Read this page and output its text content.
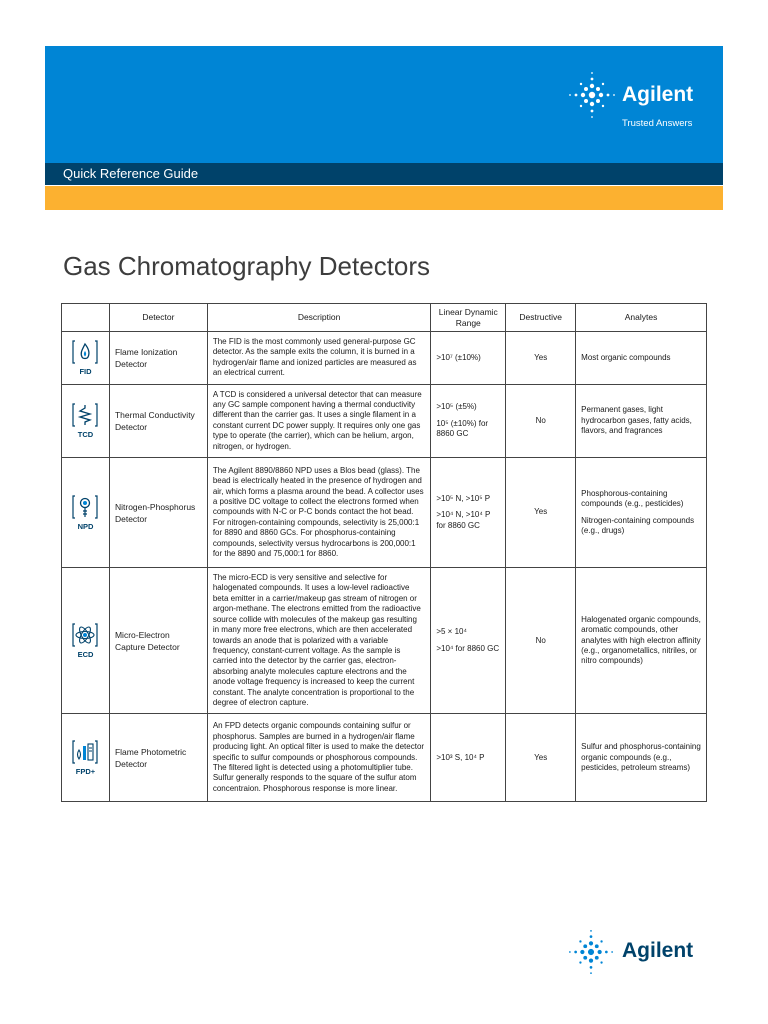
Quick Reference Guide
Agilent
Trusted Answers
Gas Chromatography Detectors
	Detector	Description	Linear Dynamic Range	Destructive	Analytes

FID	Flame Ionization Detector	The FID is the most commonly used general-purpose GC detector. As the sample exits the column, it is burned in a hydrogen/air flame and ionized particles are measured as an electrical current.	>10⁷ (±10%)	Yes	Most organic compounds

TCD	Thermal Conductivity Detector	A TCD is considered a universal detector that can measure any GC sample component having a thermal conductivity different than the carrier gas. It uses a single filament in a constant current DC power supply. It requires only one gas type to operate (the carrier), which can be helium, argon, nitrogen, or hydrogen.	>10⁵ (±5%)
10⁵ (±10%) for 8860 GC	No	Permanent gases, light hydrocarbon gases, fatty acids, flavors, and fragrances

NPD	Nitrogen-Phosphorus Detector	The Agilent 8890/8860 NPD uses a Blos bead (glass). The bead is electrically heated in the presence of hydrogen and air, which forms a plasma around the bead. A collector uses a positive DC voltage to collect the electrons formed when compounds with N-C or P-C bonds contact the hot bead. For nitrogen-containing compounds, selectivity is 25,000:1 for 8890 and 8860 GCs. For phosphorus-containing compounds, selectivity versus hydrocarbons is 200,000:1 for the 8890 and 75,000:1 for 8860.	>10⁵ N, >10⁵ P
>10⁴ N, >10⁴ P for 8860 GC	Yes	Phosphorous-containing compounds (e.g., pesticides)
Nitrogen-containing compounds (e.g., drugs)

ECD	Micro-Electron Capture Detector	The micro-ECD is very sensitive and selective for halogenated compounds. It uses a low-level radioactive beta emitter in a carrier/makeup gas stream of nitrogen or argon-methane. The electrons emitted from the radioactive source collide with molecules of the makeup gas resulting in many more free electrons, which are then accelerated towards an anode that is polarized with a variable frequency, constant-current voltage. As the sample is carried into the detector by the carrier gas, electron-absorbing analyte molecules capture electrons and the anode voltage frequency is increased to keep the current constant. The analyte concentration is proportional to the degree of electron capture.	>5 × 10⁴
>10⁴ for 8860 GC	No	Halogenated organic compounds, aromatic compounds, other analytes with high electron affinity (e.g., organometallics, nitriles, or nitro compounds)

FPD+	Flame Photometric Detector	An FPD detects organic compounds containing sulfur or phosphorus. Samples are burned in a hydrogen/air flame producing light. An optical filter is used to make the detector specific to sulfur compounds or phosphorous compounds. The filtered light is detected using a photomultiplier tube. Sulfur generally responds to the square of the sulfur atom concentraion. Phosphorous response is more linear.	>10³ S, 10⁴ P	Yes	Sulfur and phosphorus-containing organic compounds (e.g., pesticides, petroleum streams)
Agilent
